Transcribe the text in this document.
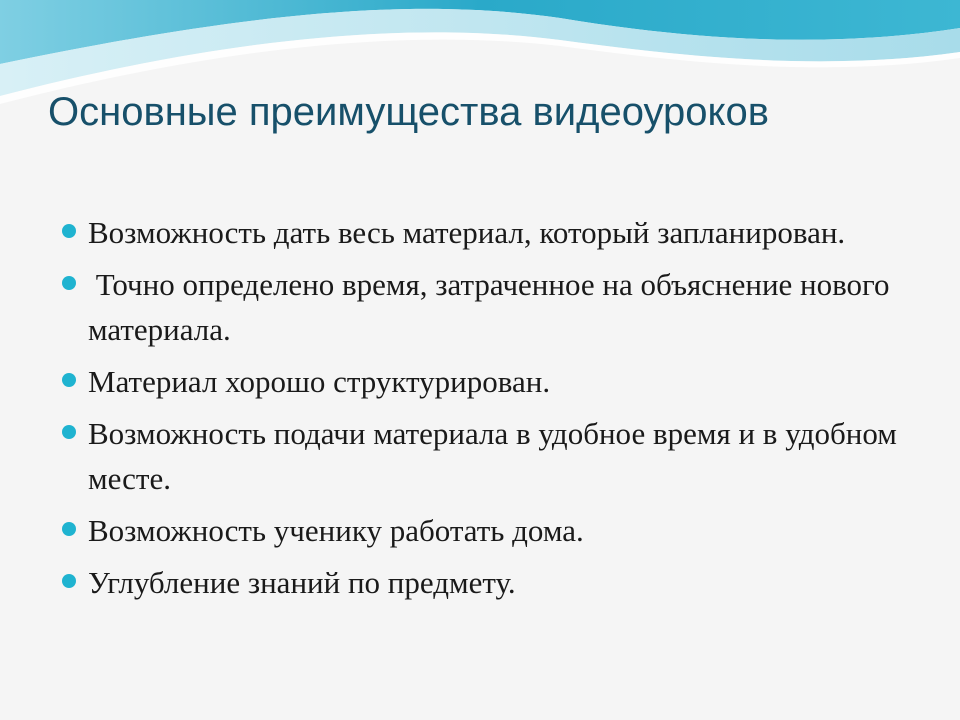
Основные преимущества видеоуроков
Возможность дать весь материал, который запланирован.
Точно определено время, затраченное на объяснение нового материала.
Материал хорошо структурирован.
Возможность подачи материала в удобное время и в удобном месте.
Возможность ученику работать дома.
Углубление знаний по предмету.
